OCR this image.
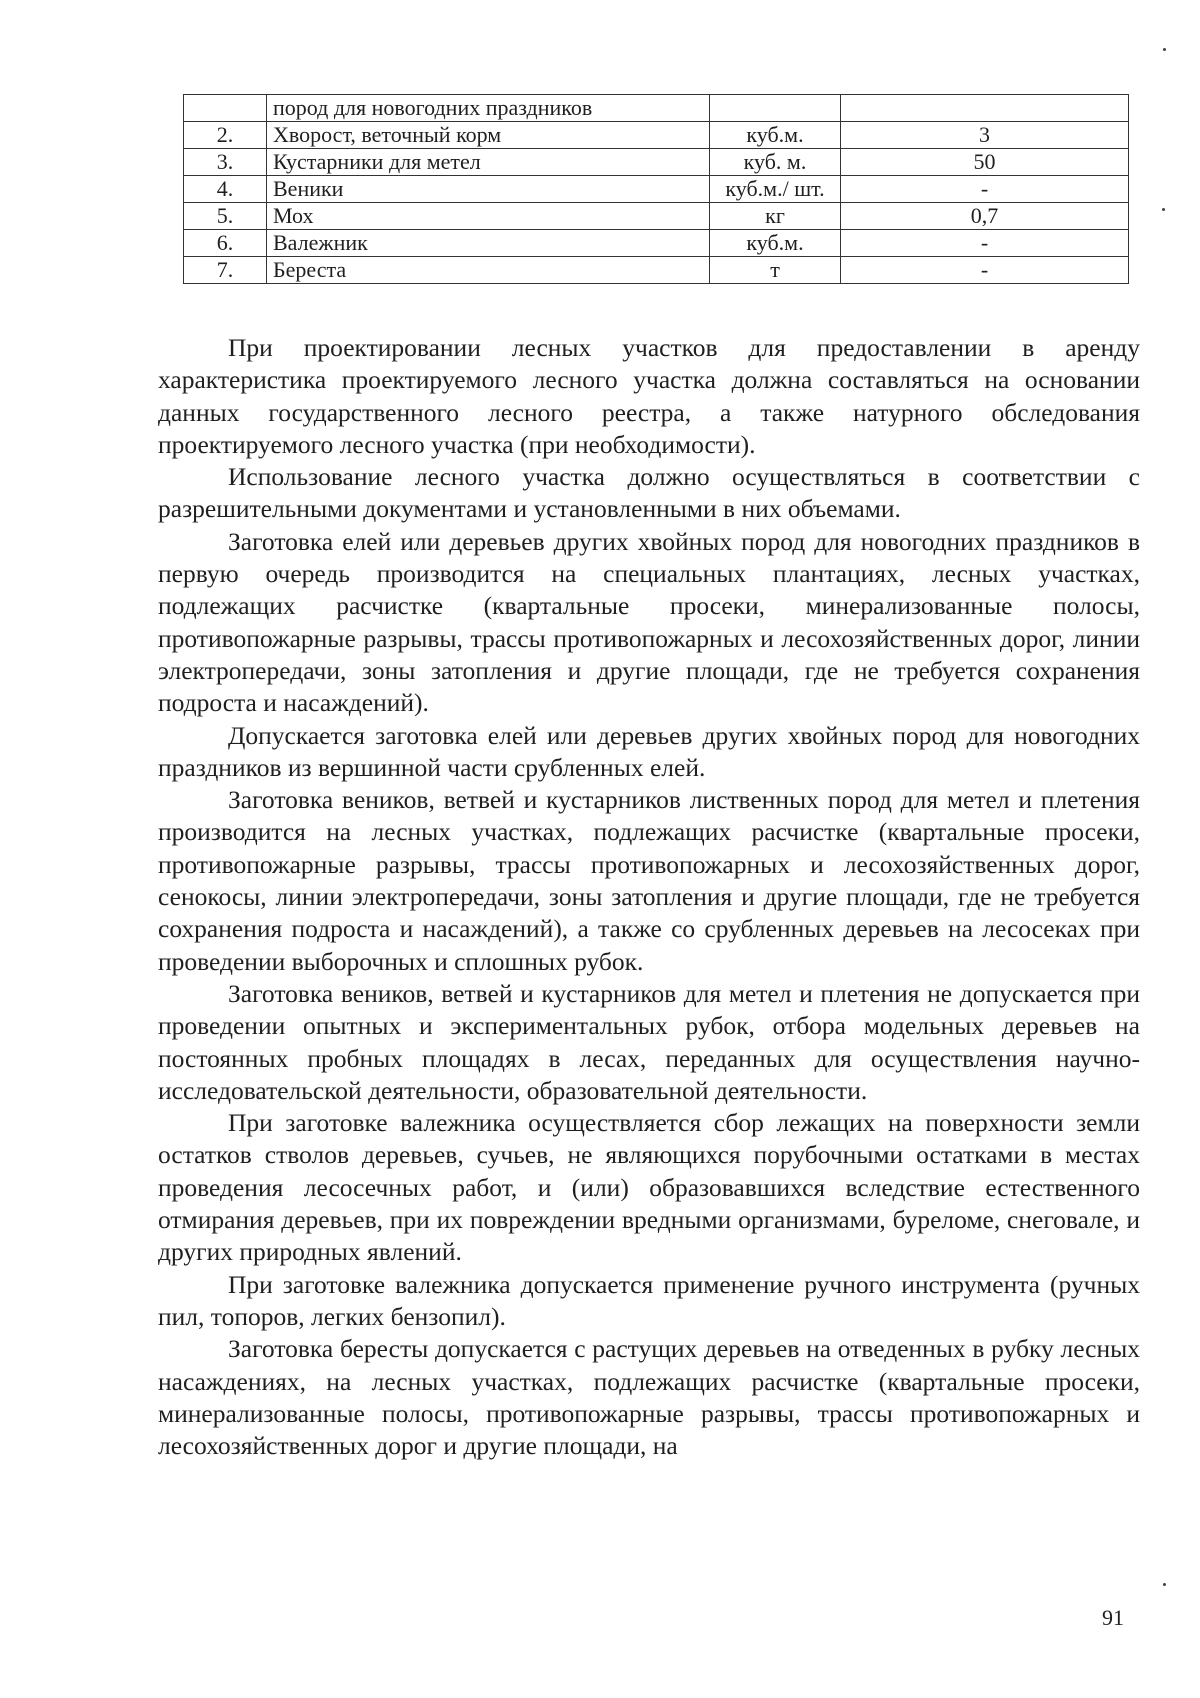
	пород для новогодних праздников		
2.	Хворост, веточный корм	куб.м.	3
3.	Кустарники для метел	куб. м.	50
4.	Веники	куб.м./ шт.	-
5.	Мох	кг	0,7
6.	Валежник	куб.м.	-
7.	Береста	т	-

При проектировании лесных участков для предоставлении в аренду характеристика проектируемого лесного участка должна составляться на основании данных государственного лесного реестра, а также натурного обследования проектируемого лесного участка (при необходимости).

Использование лесного участка должно осуществляться в соответствии с разрешительными документами и установленными в них объемами.

Заготовка елей или деревьев других хвойных пород для новогодних праздников в первую очередь производится на специальных плантациях, лесных участках, подлежащих расчистке (квартальные просеки, минерализованные полосы, противопожарные разрывы, трассы противопожарных и лесохозяйственных дорог, линии электропередачи, зоны затопления и другие площади, где не требуется сохранения подроста и насаждений).

Допускается заготовка елей или деревьев других хвойных пород для новогодних праздников из вершинной части срубленных елей.

Заготовка веников, ветвей и кустарников лиственных пород для метел и плетения производится на лесных участках, подлежащих расчистке (квартальные просеки, противопожарные разрывы, трассы противопожарных и лесохозяйственных дорог, сенокосы, линии электропередачи, зоны затопления и другие площади, где не требуется сохранения подроста и насаждений), а также со срубленных деревьев на лесосеках при проведении выборочных и сплошных рубок.

Заготовка веников, ветвей и кустарников для метел и плетения не допускается при проведении опытных и экспериментальных рубок, отбора модельных деревьев на постоянных пробных площадях в лесах, переданных для осуществления научно-исследовательской деятельности, образовательной деятельности.

При заготовке валежника осуществляется сбор лежащих на поверхности земли остатков стволов деревьев, сучьев, не являющихся порубочными остатками в местах проведения лесосечных работ, и (или) образовавшихся вследствие естественного отмирания деревьев, при их повреждении вредными организмами, буреломе, снеговале, и других природных явлений.

При заготовке валежника допускается применение ручного инструмента (ручных пил, топоров, легких бензопил).

Заготовка бересты допускается с растущих деревьев на отведенных в рубку лесных насаждениях, на лесных участках, подлежащих расчистке (квартальные просеки, минерализованные полосы, противопожарные разрывы, трассы противопожарных и лесохозяйственных дорог и другие площади, на

91
